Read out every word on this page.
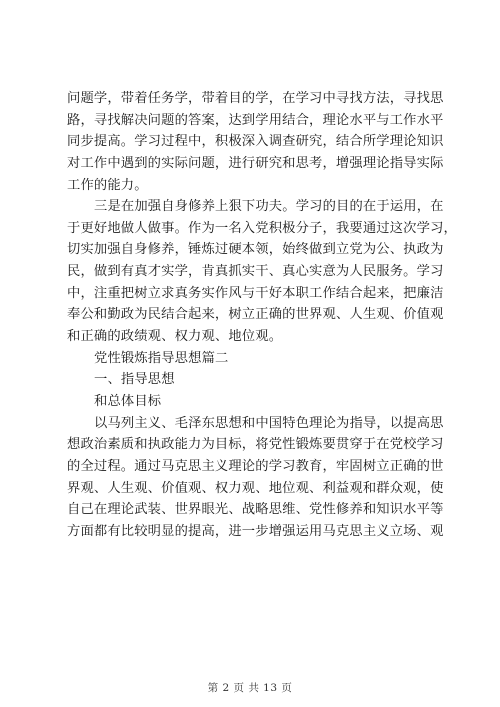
问题学，带着任务学，带着目的学，在学习中寻找方法，寻找思
路，寻找解决问题的答案，达到学用结合，理论水平与工作水平
同步提高。学习过程中，积极深入调查研究，结合所学理论知识
对工作中遇到的实际问题，进行研究和思考，增强理论指导实际
工作的能力。
三是在加强自身修养上狠下功夫。学习的目的在于运用，在
于更好地做人做事。作为一名入党积极分子，我要通过这次学习，
切实加强自身修养，锤炼过硬本领，始终做到立党为公、执政为
民，做到有真才实学，肯真抓实干、真心实意为人民服务。学习
中，注重把树立求真务实作风与干好本职工作结合起来，把廉洁
奉公和勤政为民结合起来，树立正确的世界观、人生观、价值观
和正确的政绩观、权力观、地位观。
党性锻炼指导思想篇二
一、指导思想
和总体目标
以马列主义、毛泽东思想和中国特色理论为指导，以提高思
想政治素质和执政能力为目标，将党性锻炼要贯穿于在党校学习
的全过程。通过马克思主义理论的学习教育，牢固树立正确的世
界观、人生观、价值观、权力观、地位观、利益观和群众观，使
自己在理论武装、世界眼光、战略思维、党性修养和知识水平等
方面都有比较明显的提高，进一步增强运用马克思主义立场、观
第 2 页 共 13 页
